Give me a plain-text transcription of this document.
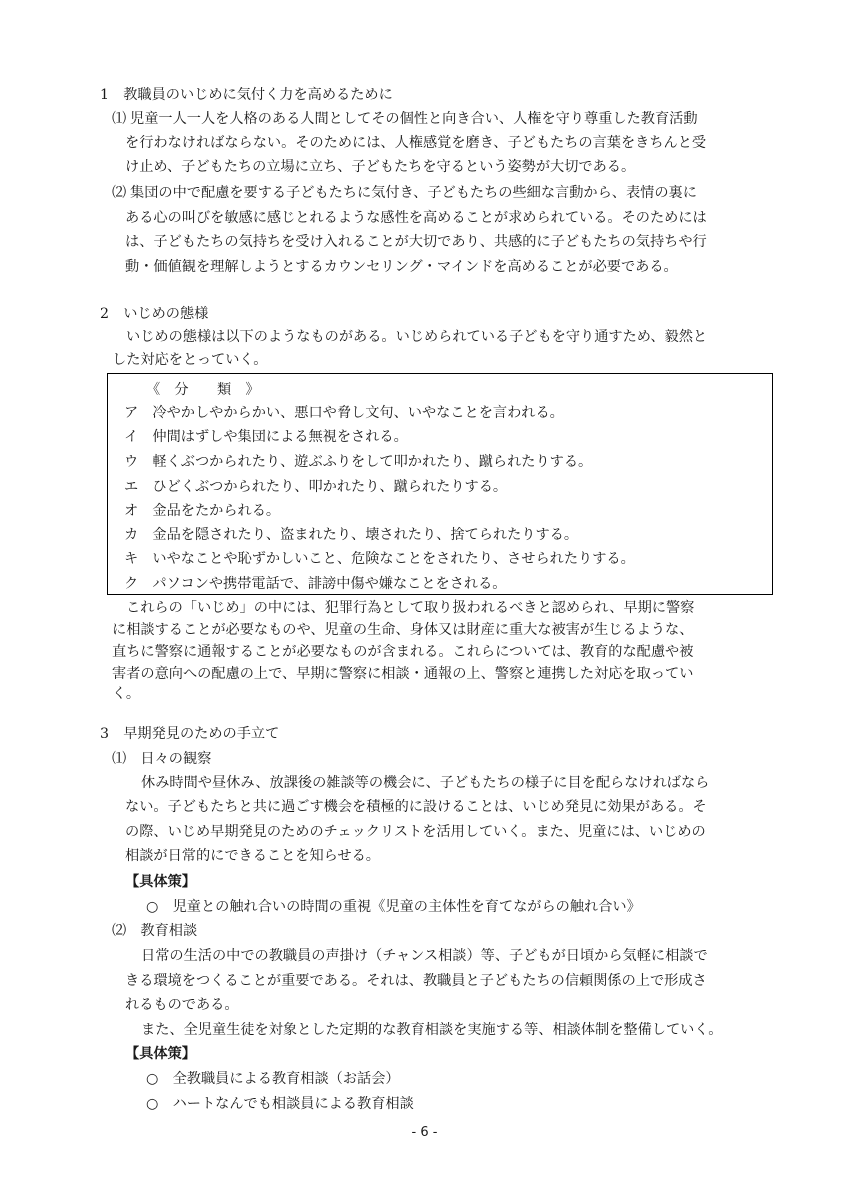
1　教職員のいじめに気付く力を高めるために
⑴ 児童一人一人を人格のある人間としてその個性と向き合い、人権を守り尊重した教育活動
を行わなければならない。そのためには、人権感覚を磨き、子どもたちの言葉をきちんと受
け止め、子どもたちの立場に立ち、子どもたちを守るという姿勢が大切である。
⑵ 集団の中で配慮を要する子どもたちに気付き、子どもたちの些細な言動から、表情の裏に
ある心の叫びを敏感に感じとれるような感性を高めることが求められている。そのためには
は、子どもたちの気持ちを受け入れることが大切であり、共感的に子どもたちの気持ちや行
動・価値観を理解しようとするカウンセリング・マインドを高めることが必要である。
2　いじめの態様
いじめの態様は以下のようなものがある。いじめられている子どもを守り通すため、毅然と
した対応をとっていく。
《　分　　類　》
ア　冷やかしやからかい、悪口や脅し文句、いやなことを言われる。
イ　仲間はずしや集団による無視をされる。
ウ　軽くぶつかられたり、遊ぶふりをして叩かれたり、蹴られたりする。
エ　ひどくぶつかられたり、叩かれたり、蹴られたりする。
オ　金品をたかられる。
カ　金品を隠されたり、盗まれたり、壊されたり、捨てられたりする。
キ　いやなことや恥ずかしいこと、危険なことをされたり、させられたりする。
ク　パソコンや携帯電話で、誹謗中傷や嫌なことをされる。
これらの「いじめ」の中には、犯罪行為として取り扱われるべきと認められ、早期に警察
に相談することが必要なものや、児童の生命、身体又は財産に重大な被害が生じるような、
直ちに警察に通報することが必要なものが含まれる。これらについては、教育的な配慮や被
害者の意向への配慮の上で、早期に警察に相談・通報の上、警察と連携した対応を取ってい
く。
3　早期発見のための手立て
⑴　日々の観察
休み時間や昼休み、放課後の雑談等の機会に、子どもたちの様子に目を配らなければなら
ない。子どもたちと共に過ごす機会を積極的に設けることは、いじめ発見に効果がある。そ
の際、いじめ早期発見のためのチェックリストを活用していく。また、児童には、いじめの
相談が日常的にできることを知らせる。
【具体策】
○　児童との触れ合いの時間の重視《児童の主体性を育てながらの触れ合い》
⑵　教育相談
日常の生活の中での教職員の声掛け（チャンス相談）等、子どもが日頃から気軽に相談で
きる環境をつくることが重要である。それは、教職員と子どもたちの信頼関係の上で形成さ
れるものである。
また、全児童生徒を対象とした定期的な教育相談を実施する等、相談体制を整備していく。
【具体策】
○　全教職員による教育相談（お話会）
○　ハートなんでも相談員による教育相談
- 6 -
